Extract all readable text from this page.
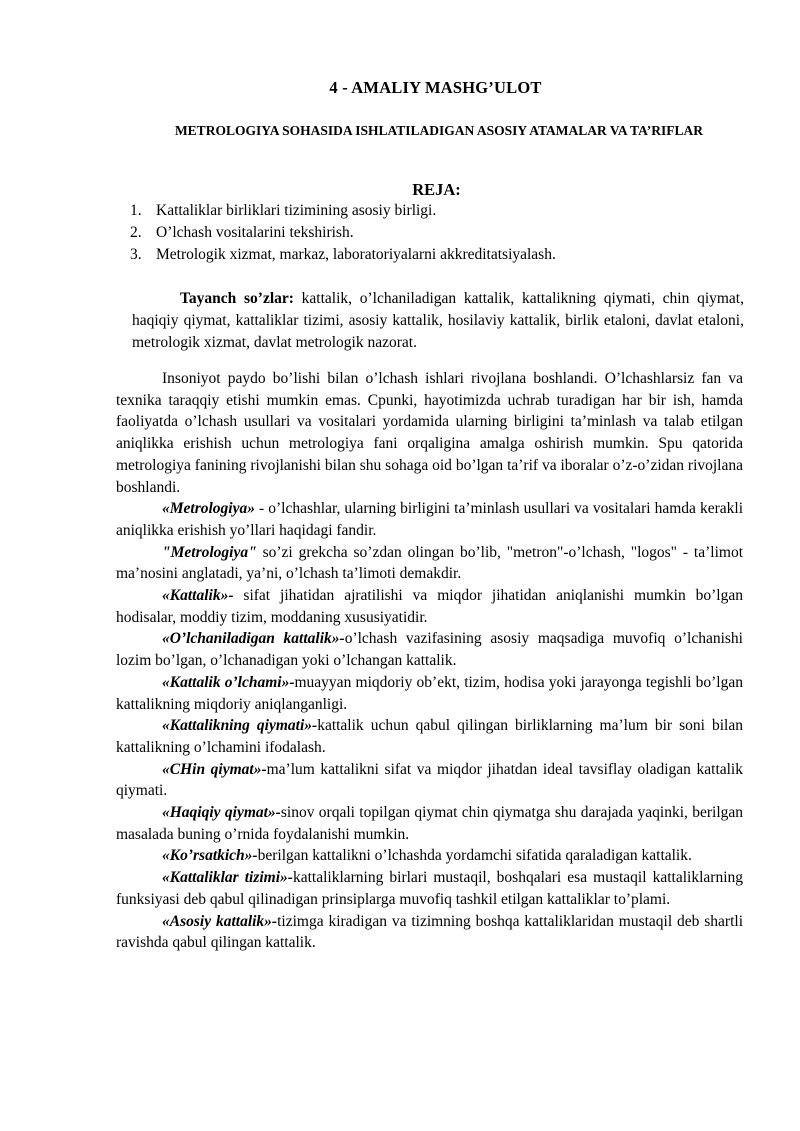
4 - AMALIY MASHG’ULOT
METROLOGIYA SOHASIDA ISHLATILADIGAN ASOSIY ATAMALAR VA TA’RIFLAR
REJA:
1. Kattaliklar birliklari tizimining asosiy birligi.
2. O’lchash vositalarini tekshirish.
3. Metrologik xizmat, markaz, laboratoriyalarni akkreditatsiyalash.

Tayanch so’zlar: kattalik, o’lchaniladigan kattalik, kattalikning qiymati, chin qiymat, haqiqiy qiymat, kattaliklar tizimi, asosiy kattalik, hosilaviy kattalik, birlik etaloni, davlat etaloni, metrologik xizmat, davlat metrologik nazorat.

Insoniyot paydo bo’lishi bilan o’lchash ishlari rivojlana boshlandi. O’lchashlarsiz fan va texnika taraqqiy etishi mumkin emas. Cpunki, hayotimizda uchrab turadigan har bir ish, hamda faoliyatda o’lchash usullari va vositalari yordamida ularning birligini ta’minlash va talab etilgan aniqlikka erishish uchun metrologiya fani orqaligina amalga oshirish mumkin. Spu qatorida metrologiya fanining rivojlanishi bilan shu sohaga oid bo’lgan ta’rif va iboralar o’z-o’zidan rivojlana boshlandi.

«Metrologiya» - o’lchashlar, ularning birligini ta’minlash usullari va vositalari hamda kerakli aniqlikka erishish yo’llari haqidagi fandir.

"Metrologiya" so’zi grekcha so’zdan olingan bo’lib, "metron"-o’lchash, "logos" - ta’limot ma’nosini anglatadi, ya’ni, o’lchash ta’limoti demakdir.

«Kattalik»- sifat jihatidan ajratilishi va miqdor jihatidan aniqlanishi mumkin bo’lgan hodisalar, moddiy tizim, moddaning xususiyatidir.

«O’lchaniladigan kattalik»-o’lchash vazifasining asosiy maqsadiga muvofiq o’lchanishi lozim bo’lgan, o’lchanadigan yoki o’lchangan kattalik.

«Kattalik o’lchami»-muayyan miqdoriy ob’ekt, tizim, hodisa yoki jarayonga tegishli bo’lgan kattalikning miqdoriy aniqlanganligi.

«Kattalikning qiymati»-kattalik uchun qabul qilingan birliklarning ma’lum bir soni bilan kattalikning o’lchamini ifodalash.

«CHin qiymat»-ma’lum kattalikni sifat va miqdor jihatdan ideal tavsiflay oladigan kattalik qiymati.

«Haqiqiy qiymat»-sinov orqali topilgan qiymat chin qiymatga shu darajada yaqinki, berilgan masalada buning o’rnida foydalanishi mumkin.

«Ko’rsatkich»-berilgan kattalikni o’lchashda yordamchi sifatida qaraladigan kattalik.

«Kattaliklar tizimi»-kattaliklarning birlari mustaqil, boshqalari esa mustaqil kattaliklarning funksiyasi deb qabul qilinadigan prinsiplarga muvofiq tashkil etilgan kattaliklar to’plami.

«Asosiy kattalik»-tizimga kiradigan va tizimning boshqa kattaliklaridan mustaqil deb shartli ravishda qabul qilingan kattalik.
